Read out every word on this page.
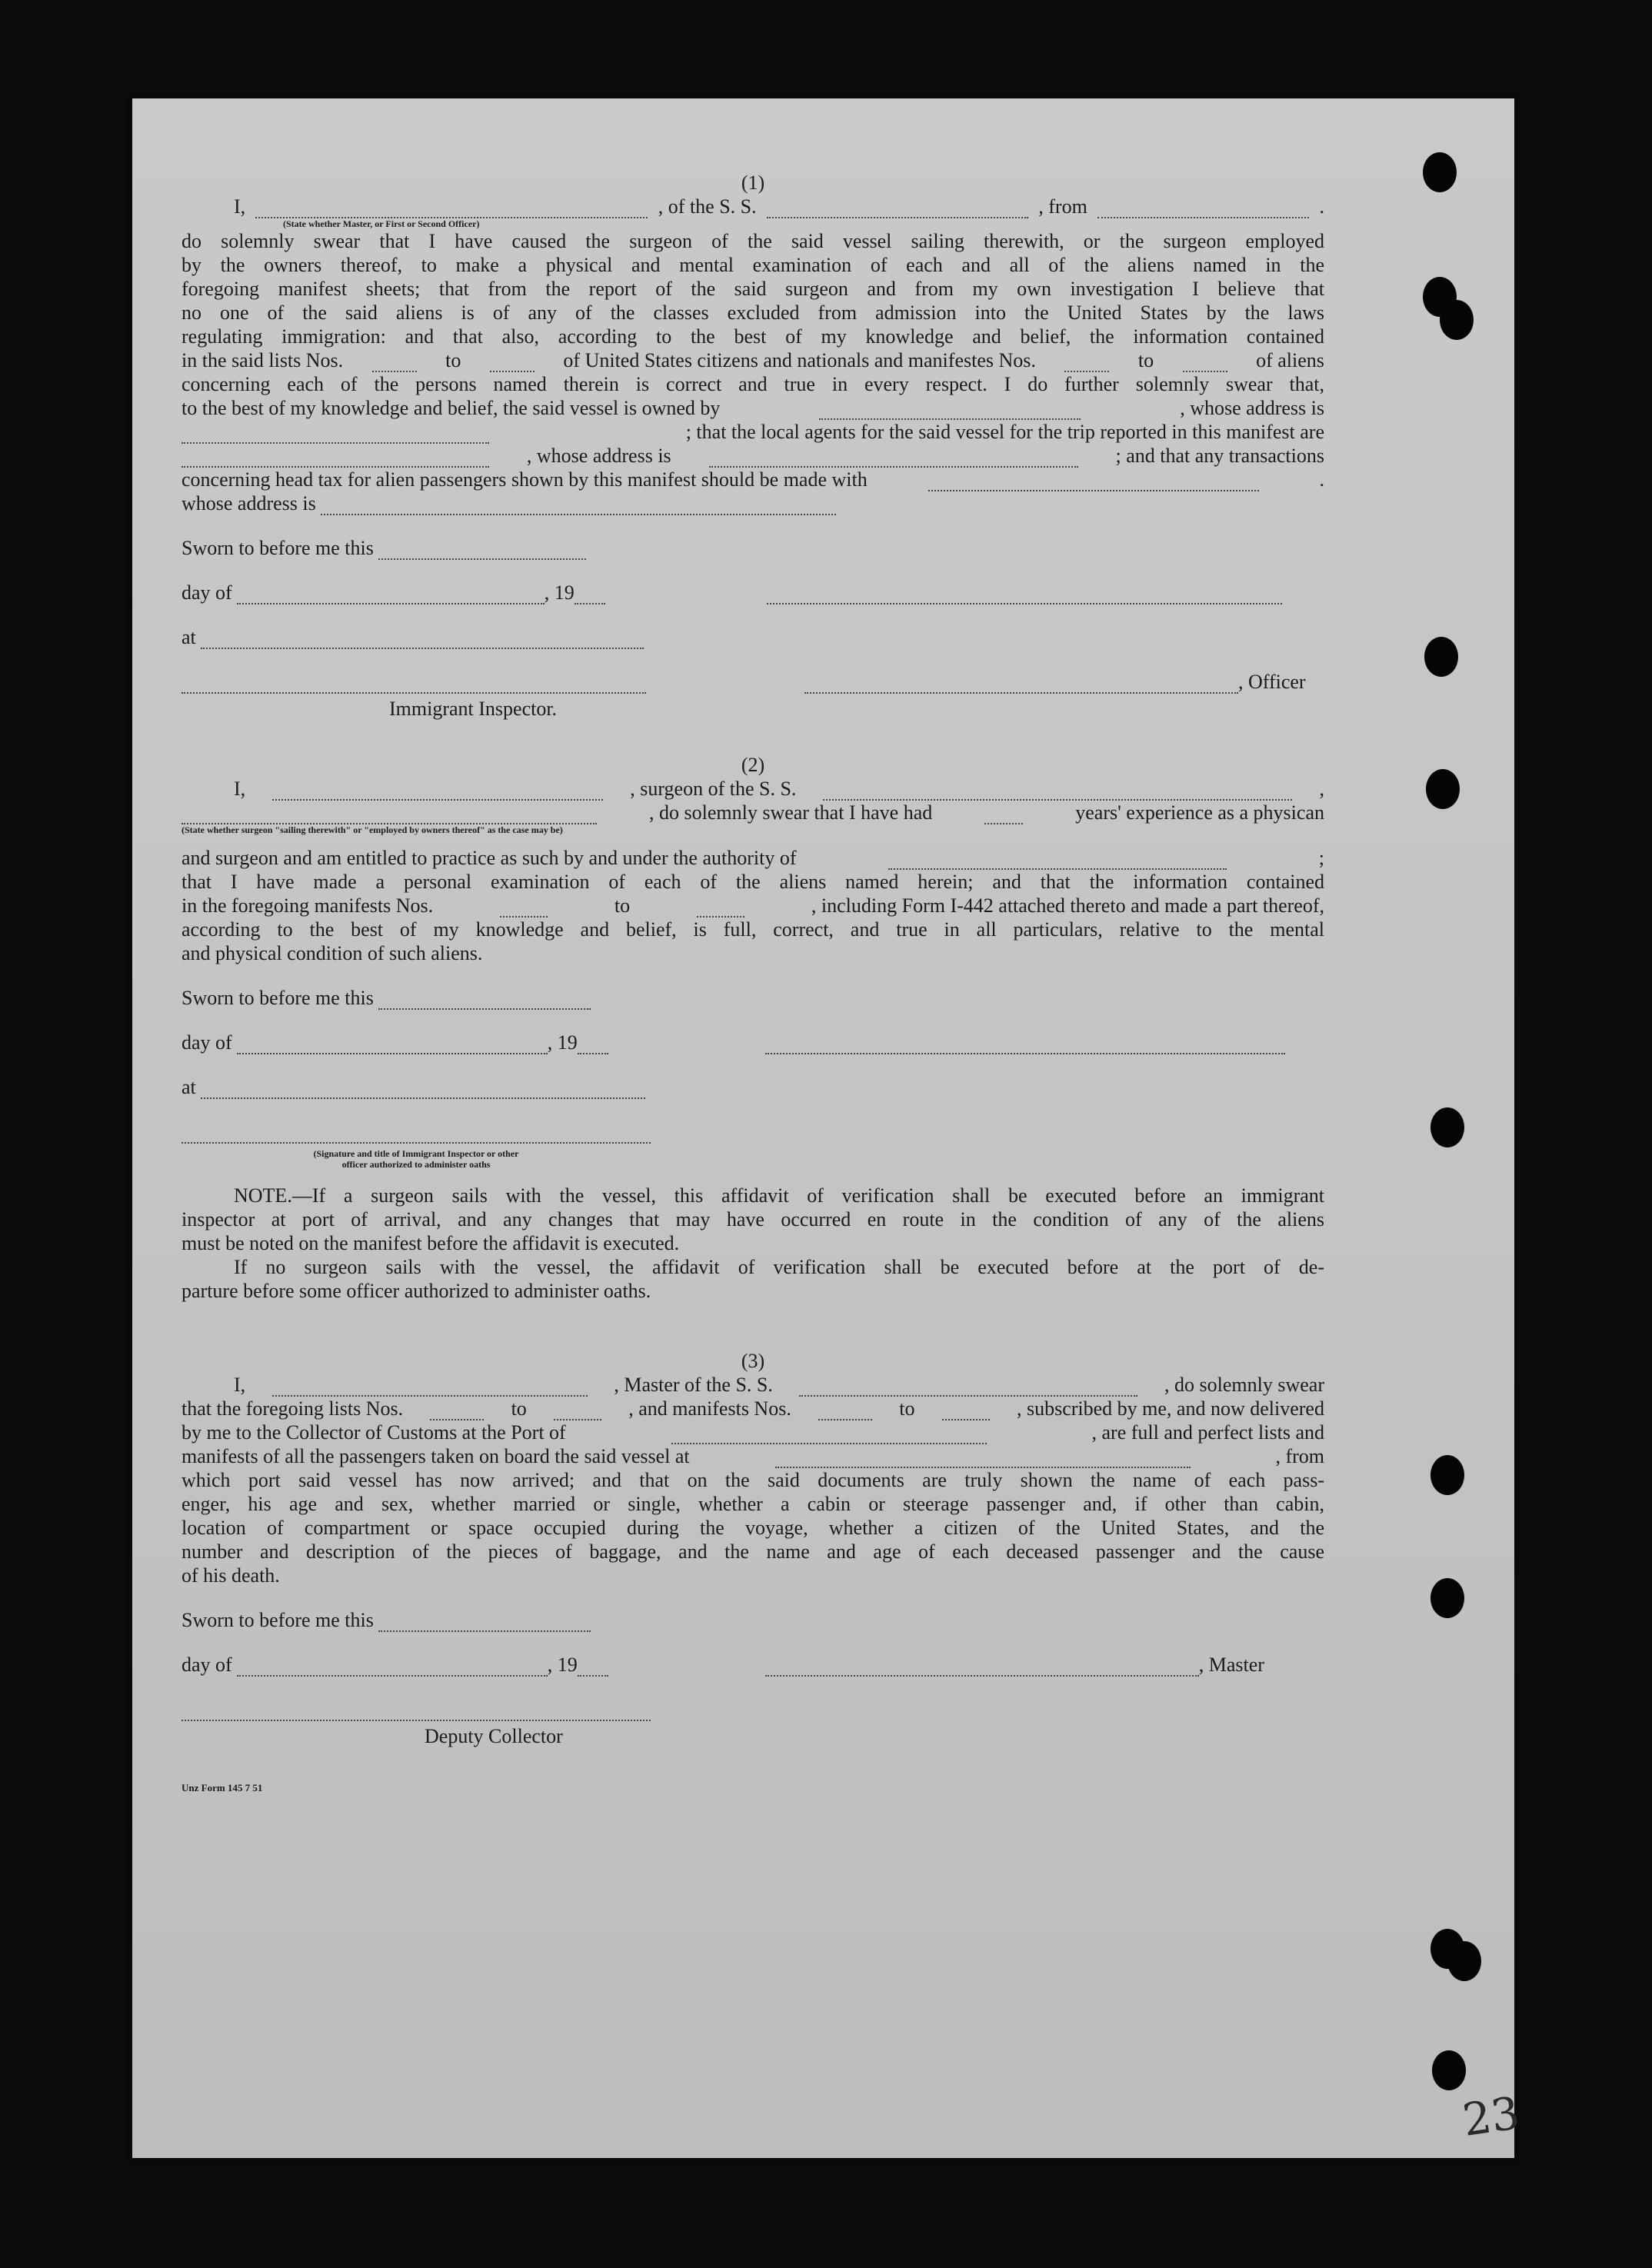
23

(1)

I,	, of the S. S.	, from	.

(State whether Master, or First or Second Officer)

do solemnly swear that I have caused the surgeon of the said vessel sailing therewith, or the surgeon employed

by the owners thereof, to make a physical and mental examination of each and all of the aliens named in the

foregoing manifest sheets; that from the report of the said surgeon and from my own investigation I believe that

no one of the said aliens is of any of the classes excluded from admission into the United States by the laws

regulating immigration: and that also, according to the best of my knowledge and belief, the information contained

in the said lists Nos.	to	of United States citizens and nationals and manifestes Nos.	to	of aliens

concerning each of the persons named therein is correct and true in every respect. I do further solemnly swear that,

to the best of my knowledge and belief, the said vessel is owned by	, whose address is
; that the local agents for the said vessel for the trip reported in this manifest are
, whose address is	; and that any transactions
concerning head tax for alien passengers shown by this manifest should be made with	.
whose address is
Sworn to before me this
day of	, 19
at
, Officer

Immigrant Inspector.

(2)

I,	, surgeon of the S. S.	,
, do solemnly swear that I have had	years' experience as a physican

(State whether surgeon "sailing therewith" or "employed by owners thereof" as the case may be)

and surgeon and am entitled to practice as such by and under the authority of	;

that I have made a personal examination of each of the aliens named herein; and that the information contained

in the foregoing manifests Nos.	to	, including Form I-442 attached thereto and made a part thereof,

according to the best of my knowledge and belief, is full, correct, and true in all particulars, relative to the mental

and physical condition of such aliens.

Sworn to before me this
day of	, 19
at

(Signature and title of Immigrant Inspector or other

officer authorized to administer oaths

NOTE.—If a surgeon sails with the vessel, this affidavit of verification shall be executed before an immigrant

inspector at port of arrival, and any changes that may have occurred en route in the condition of any of the aliens

must be noted on the manifest before the affidavit is executed.

If no surgeon sails with the vessel, the affidavit of verification shall be executed before at the port of de-

parture before some officer authorized to administer oaths.

(3)

I,	, Master of the S. S.	, do solemnly swear
that the foregoing lists Nos.	to	, and manifests Nos.	to	, subscribed by me, and now delivered
by me to the Collector of Customs at the Port of	, are full and perfect lists and
manifests of all the passengers taken on board the said vessel at	, from

which port said vessel has now arrived; and that on the said documents are truly shown the name of each pass-

enger, his age and sex, whether married or single, whether a cabin or steerage passenger and, if other than cabin,

location of compartment or space occupied during the voyage, whether a citizen of the United States, and the

number and description of the pieces of baggage, and the name and age of each deceased passenger and the cause

of his death.

Sworn to before me this
day of	, 19	, Master

Deputy Collector

Unz Form 145 7 51
